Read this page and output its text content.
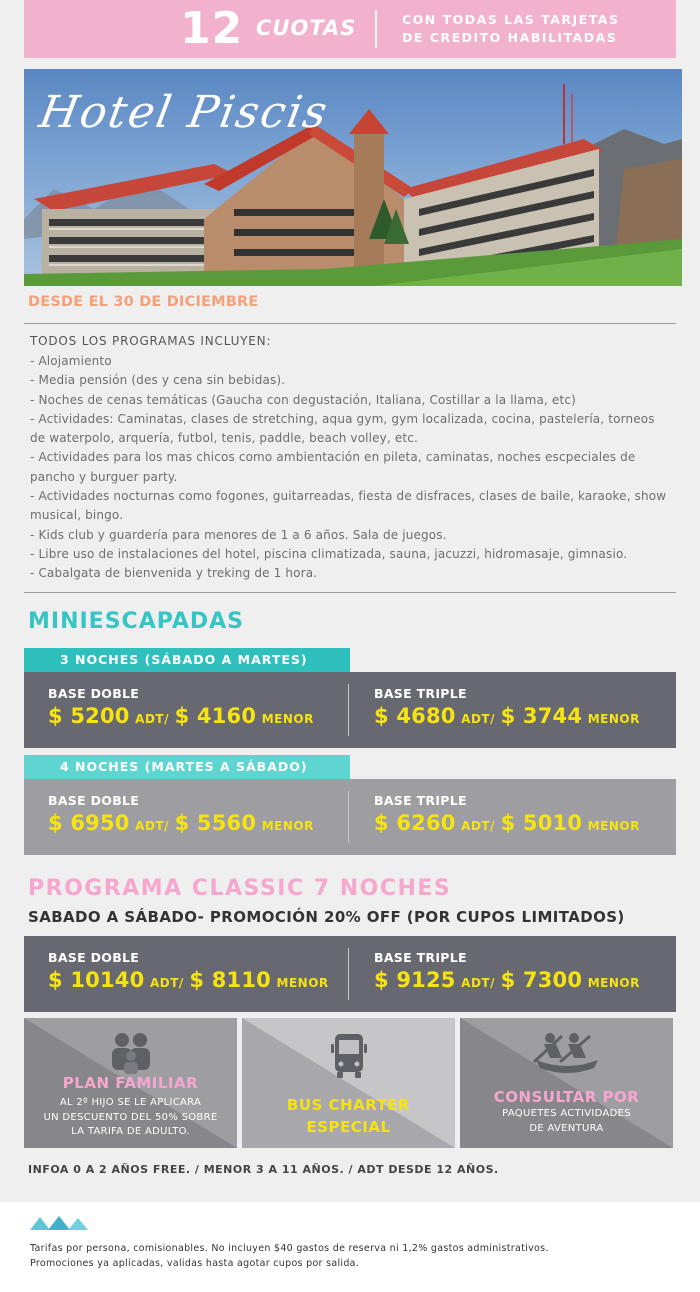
12 CUOTAS	CON TODAS LAS TARJETAS
DE CREDITO HABILITADAS
Hotel Piscis
DESDE EL 30 DE DICIEMBRE
TODOS LOS PROGRAMAS INCLUYEN:
- Alojamiento
- Media pensión (des y cena sin bebidas).
- Noches de cenas temáticas (Gaucha con degustación, Italiana, Costillar a la llama, etc)
- Actividades: Caminatas, clases de stretching, aqua gym, gym localizada, cocina, pastelería, torneos de waterpolo, arquería, futbol, tenis, paddle, beach volley, etc.
- Actividades para los mas chicos como ambientación en pileta, caminatas, noches escpeciales de pancho y burguer party.
- Actividades nocturnas como fogones, guitarreadas, fiesta de disfraces, clases de baile, karaoke, show musical, bingo.
- Kids club y guardería para menores de 1 a 6 años. Sala de juegos.
- Libre uso de instalaciones del hotel, piscina climatizada, sauna, jacuzzi, hidromasaje, gimnasio.
- Cabalgata de bienvenida y treking de 1 hora.
MINIESCAPADAS
3 NOCHES (SÁBADO A MARTES)
BASE DOBLE
$ 5200 ADT/ $ 4160 MENOR
BASE TRIPLE
$ 4680 ADT/ $ 3744 MENOR
4 NOCHES (MARTES A SÁBADO)
BASE DOBLE
$ 6950 ADT/ $ 5560 MENOR
BASE TRIPLE
$ 6260 ADT/ $ 5010 MENOR
PROGRAMA CLASSIC 7 NOCHES
SABADO A SÁBADO- PROMOCIÓN 20% OFF (POR CUPOS LIMITADOS)
BASE DOBLE
$ 10140 ADT/ $ 8110 MENOR
BASE TRIPLE
$ 9125 ADT/ $ 7300 MENOR
PLAN FAMILIAR
AL 2º HIJO SE LE APLICARA
UN DESCUENTO DEL 50% SOBRE
LA TARIFA DE ADULTO.
BUS CHARTER
ESPECIAL
CONSULTAR POR
PAQUETES ACTIVIDADES
DE AVENTURA
INFOA 0 A 2 AÑOS FREE. / MENOR 3 A 11 AÑOS. / ADT DESDE 12 AÑOS.
Tarifas por persona, comisionables. No incluyen $40 gastos de reserva ni 1,2% gastos administrativos.
Promociones ya aplicadas, validas hasta agotar cupos por salida.
